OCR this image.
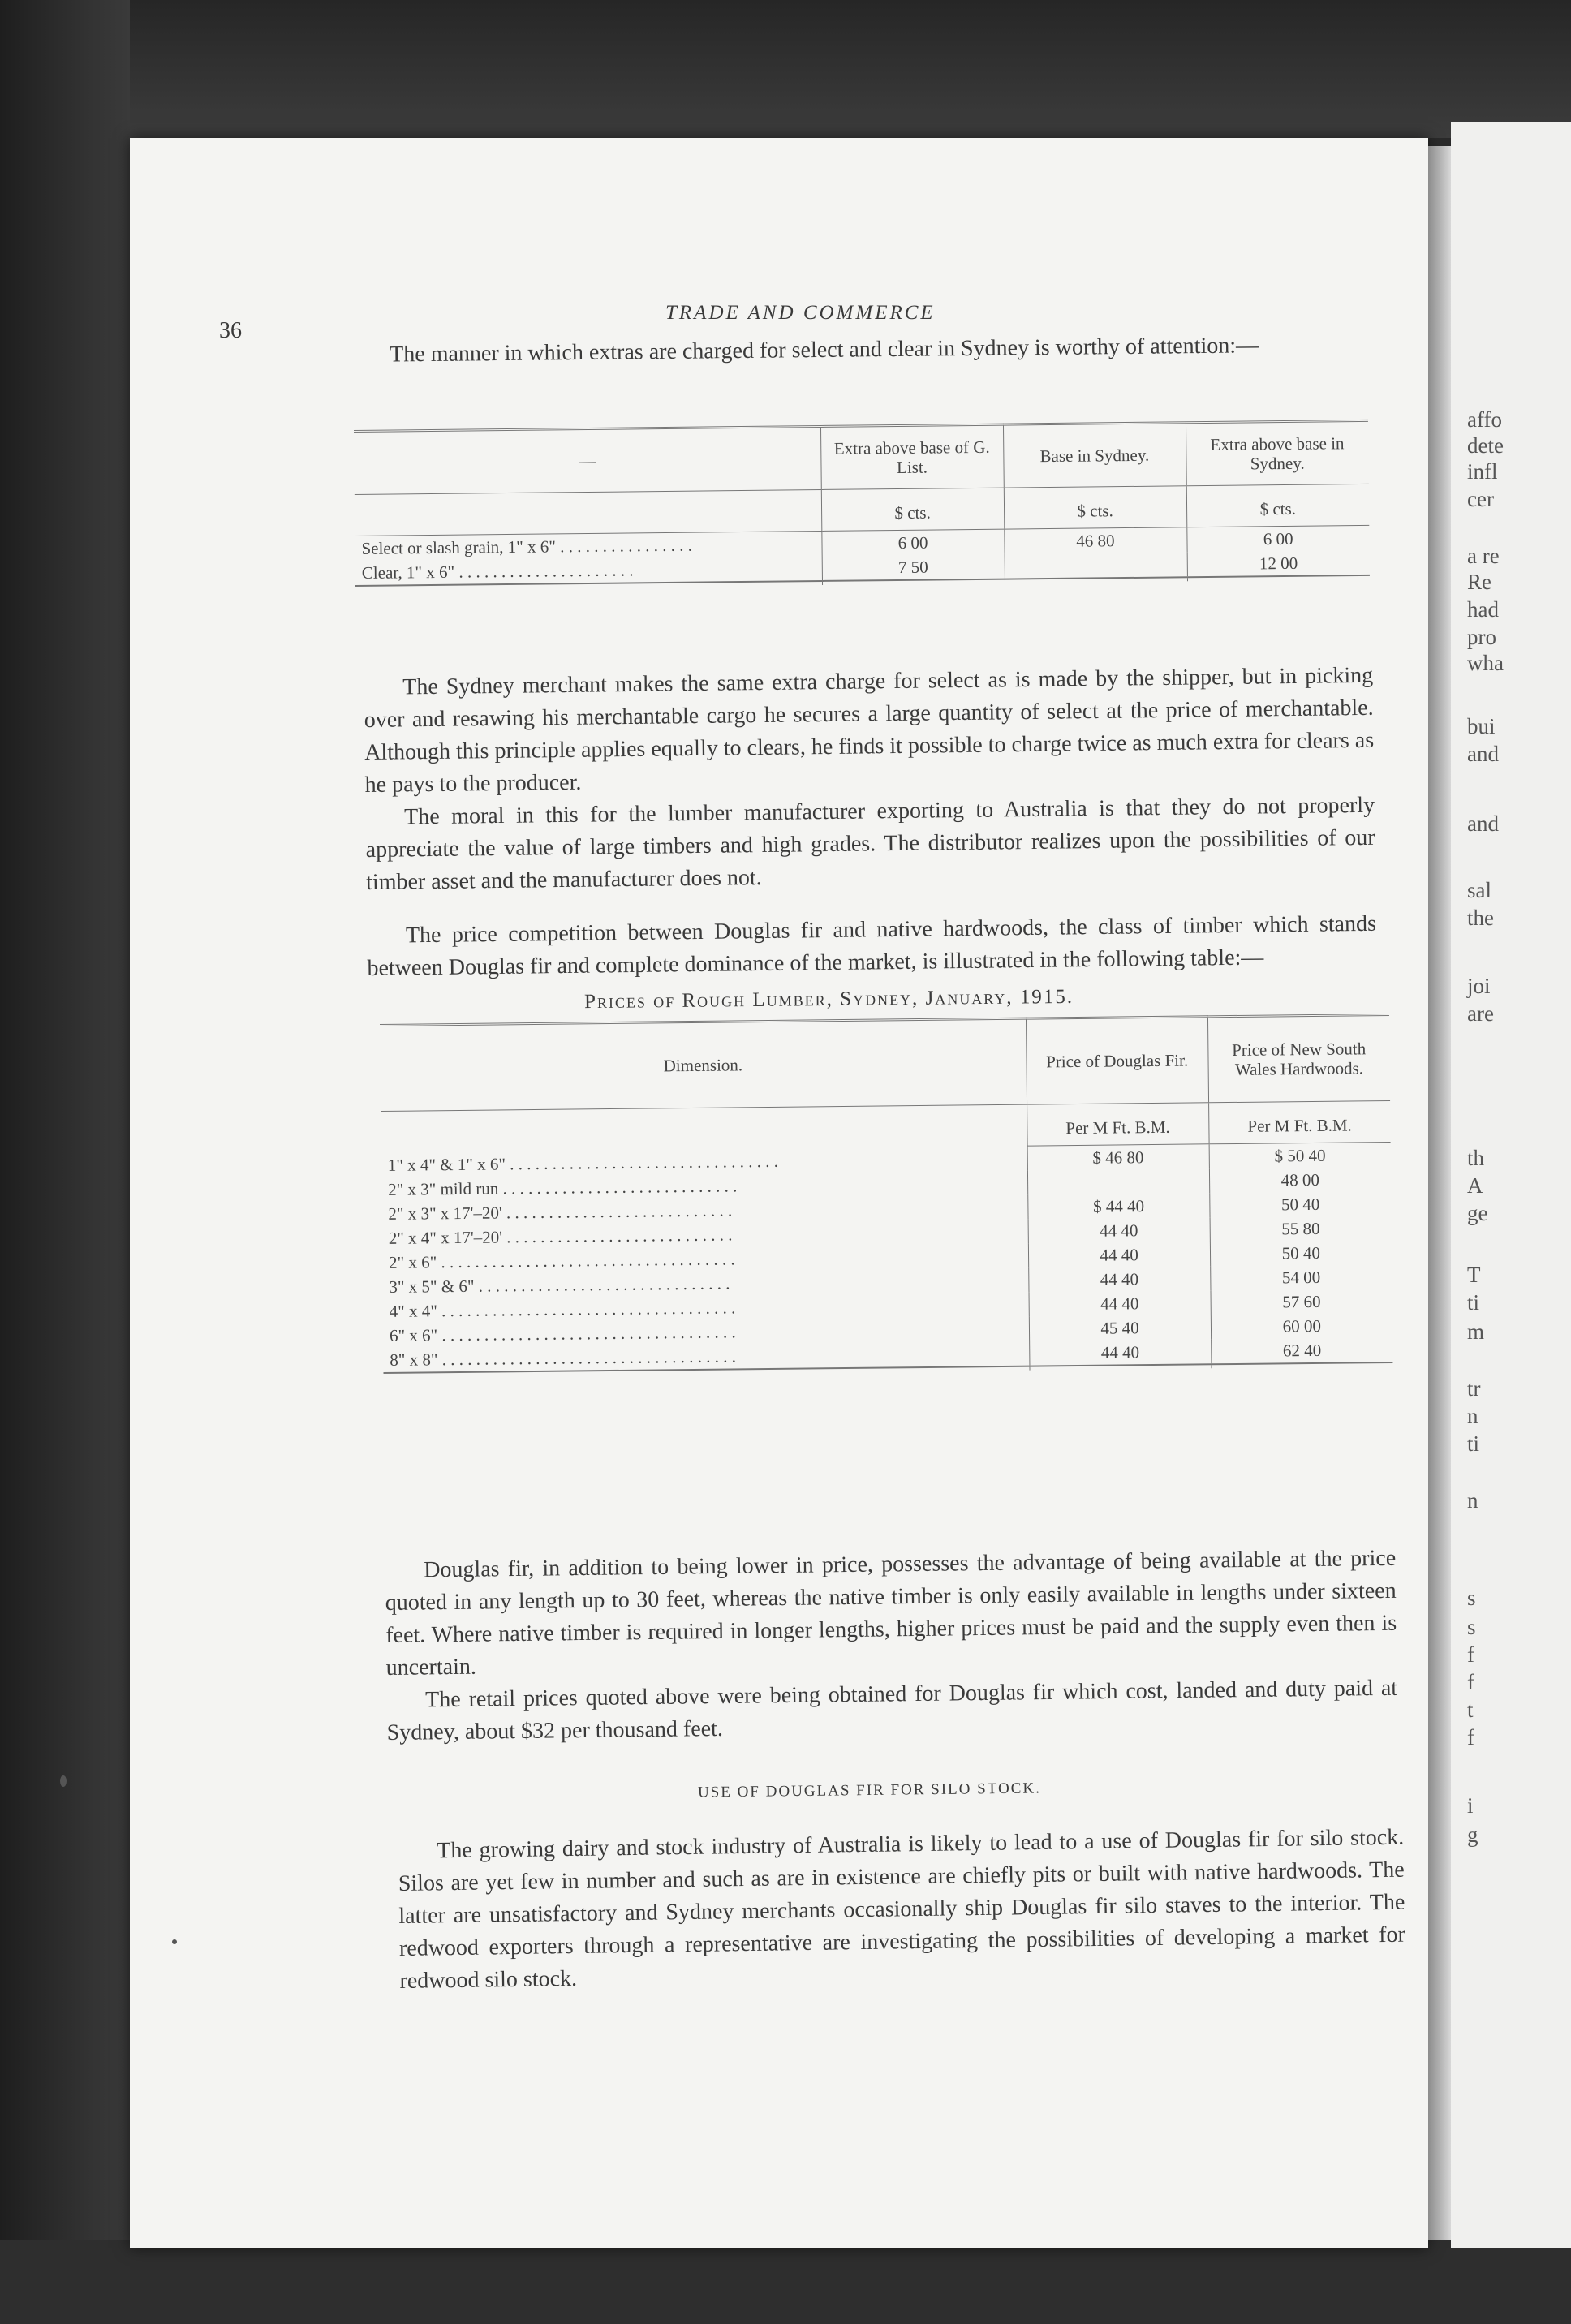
affo
dete
infl
cer
a re
Re
had
pro
wha
bui
and
and
sal
the
joi
are
th
A
ge
T
ti
m
tr
n
ti
n
s
s
f
f
t
f
i
g
36
TRADE AND COMMERCE

The manner in which extras are charged for select and clear in Sydney is worthy of attention:—

—	Extra above base of G. List.	Base in Sydney.	Extra above base in Sydney.
	$ cts.	$ cts.	$ cts.
Select or slash grain, 1" x 6" . . . . . . . . . . . . . . . .	6 00	46 80	6 00
Clear, 1" x 6" . . . . . . . . . . . . . . . . . . . . .	7 50		12 00

The Sydney merchant makes the same extra charge for select as is made by the shipper, but in picking over and resawing his merchantable cargo he secures a large quantity of select at the price of merchantable. Although this principle applies equally to clears, he finds it possible to charge twice as much extra for clears as he pays to the producer.

The moral in this for the lumber manufacturer exporting to Australia is that they do not properly appreciate the value of large timbers and high grades. The distributor realizes upon the possibilities of our timber asset and the manufacturer does not.

The price competition between Douglas fir and native hardwoods, the class of timber which stands between Douglas fir and complete dominance of the market, is illustrated in the following table:—

Prices of Rough Lumber, Sydney, January, 1915.
Dimension.	Price of Douglas Fir.	Price of New South Wales Hardwoods.
	Per M Ft. B.M.	Per M Ft. B.M.
1" x 4" & 1" x 6" . . . . . . . . . . . . . . . . . . . . . . . . . . . . . . . .	$ 46 80	$ 50 40
2" x 3" mild run . . . . . . . . . . . . . . . . . . . . . . . . . . . .		48 00
2" x 3" x 17'–20' . . . . . . . . . . . . . . . . . . . . . . . . . . .	$ 44 40	50 40
2" x 4" x 17'–20' . . . . . . . . . . . . . . . . . . . . . . . . . . .	44 40	55 80
2" x 6" . . . . . . . . . . . . . . . . . . . . . . . . . . . . . . . . . . .	44 40	50 40
3" x 5" & 6" . . . . . . . . . . . . . . . . . . . . . . . . . . . . . .	44 40	54 00
4" x 4" . . . . . . . . . . . . . . . . . . . . . . . . . . . . . . . . . . .	44 40	57 60
6" x 6" . . . . . . . . . . . . . . . . . . . . . . . . . . . . . . . . . . .	45 40	60 00
8" x 8" . . . . . . . . . . . . . . . . . . . . . . . . . . . . . . . . . . .	44 40	62 40

Douglas fir, in addition to being lower in price, possesses the advantage of being available at the price quoted in any length up to 30 feet, whereas the native timber is only easily available in lengths under sixteen feet. Where native timber is required in longer lengths, higher prices must be paid and the supply even then is uncertain.

The retail prices quoted above were being obtained for Douglas fir which cost, landed and duty paid at Sydney, about $32 per thousand feet.

USE OF DOUGLAS FIR FOR SILO STOCK.

The growing dairy and stock industry of Australia is likely to lead to a use of Douglas fir for silo stock. Silos are yet few in number and such as are in existence are chiefly pits or built with native hardwoods. The latter are unsatisfactory and Sydney merchants occasionally ship Douglas fir silo staves to the interior. The redwood exporters through a representative are investigating the possibilities of developing a market for redwood silo stock.
